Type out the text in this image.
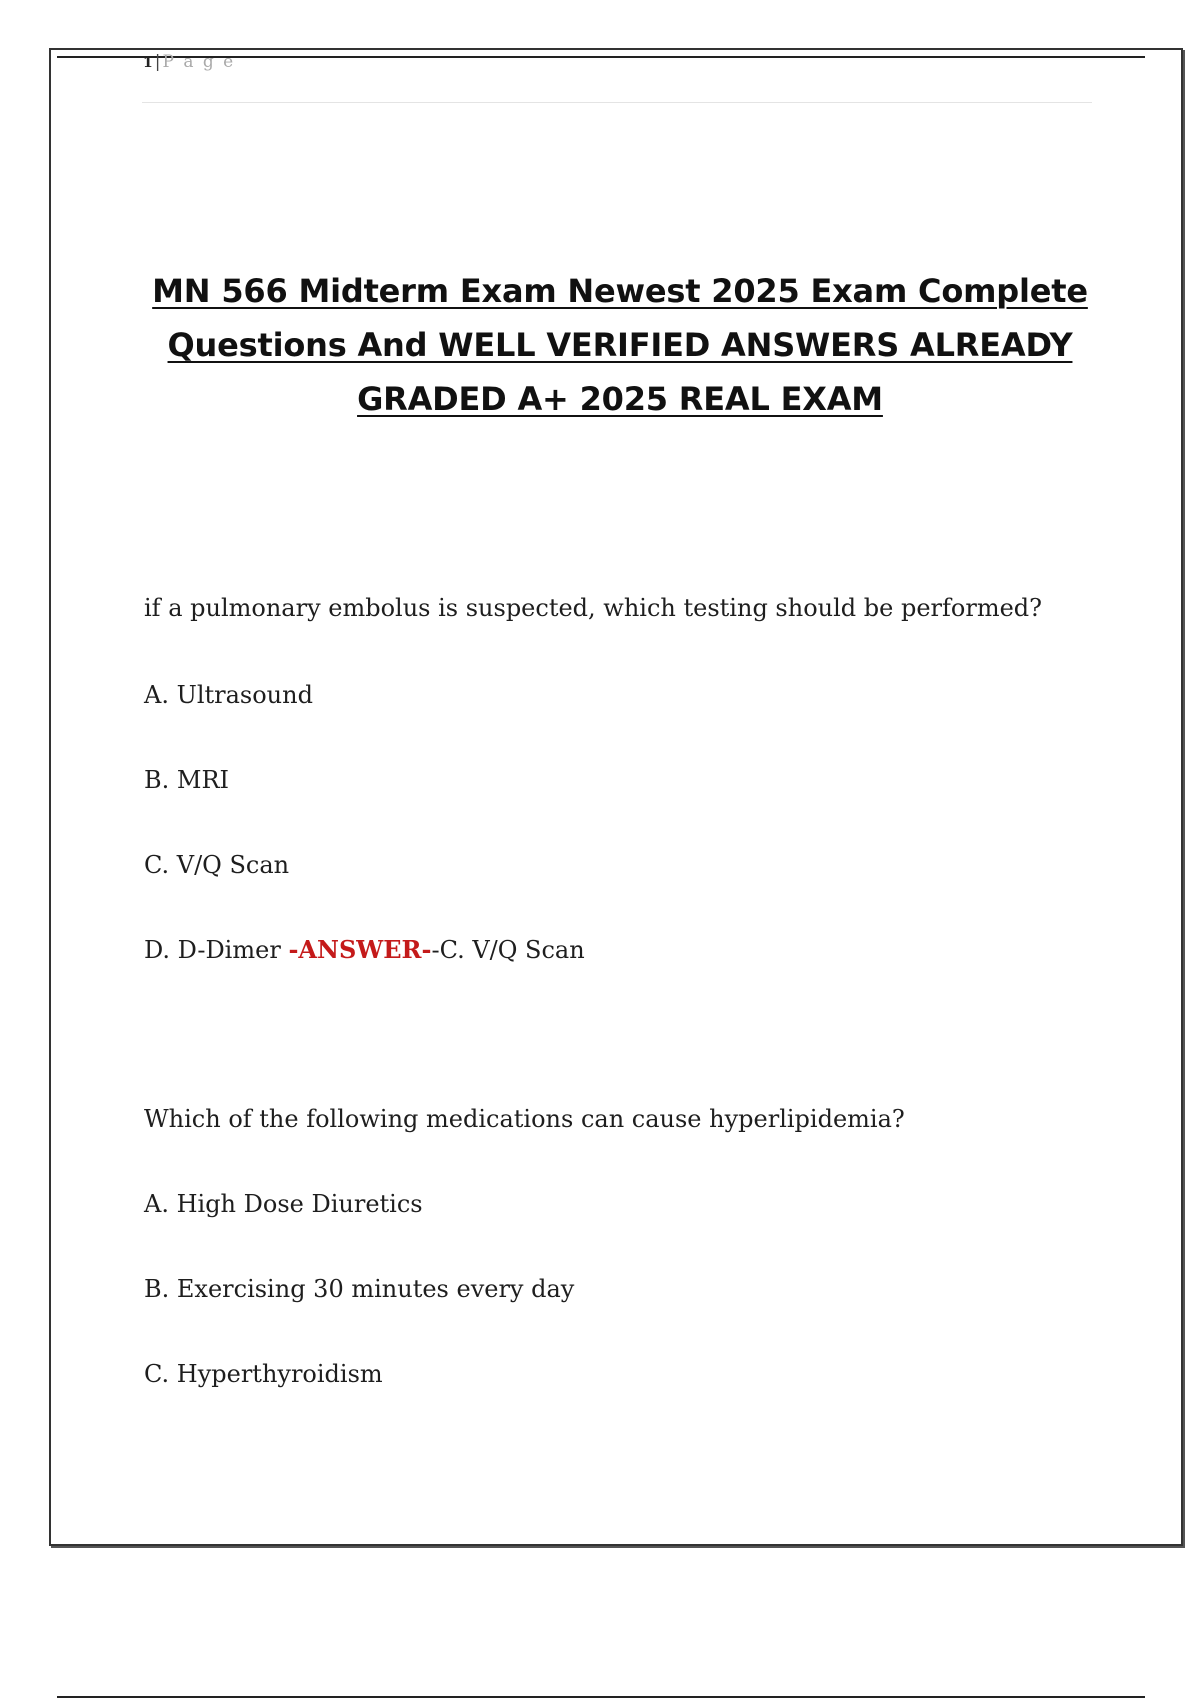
1|P a g e
MN 566 Midterm Exam Newest 2025 Exam Complete
Questions And WELL VERIFIED ANSWERS ALREADY
GRADED A+ 2025 REAL EXAM
if a pulmonary embolus is suspected, which testing should be performed?
A. Ultrasound
B. MRI
C. V/Q Scan
D. D-Dimer -ANSWER--C. V/Q Scan
Which of the following medications can cause hyperlipidemia?
A. High Dose Diuretics
B. Exercising 30 minutes every day
C. Hyperthyroidism
